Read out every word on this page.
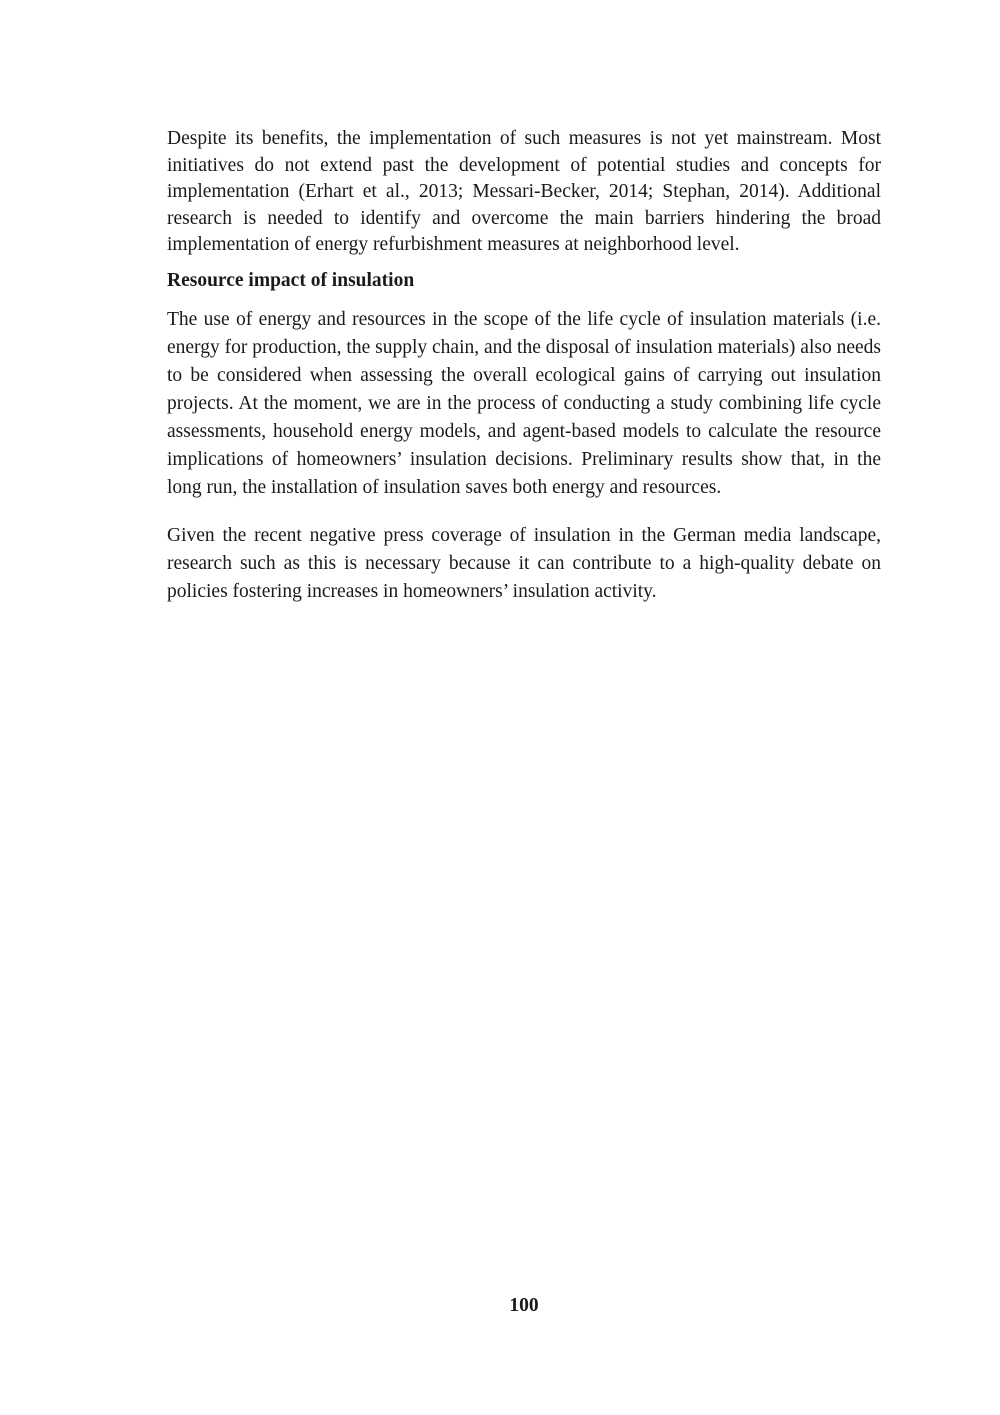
Despite its benefits, the implementation of such measures is not yet mainstream. Most initiatives do not extend past the development of potential studies and concepts for implementation (Erhart et al., 2013; Messari-Becker, 2014; Stephan, 2014). Additional research is needed to identify and overcome the main barriers hindering the broad implementation of energy refurbishment measures at neighborhood level.

Resource impact of insulation

The use of energy and resources in the scope of the life cycle of insulation materials (i.e. energy for production, the supply chain, and the disposal of insulation materials) also needs to be considered when assessing the overall ecological gains of carrying out insulation projects. At the moment, we are in the process of conducting a study combining life cycle assessments, household energy models, and agent-based models to calculate the resource implications of homeowners’ insulation decisions. Preliminary results show that, in the long run, the installation of insulation saves both energy and resources.

Given the recent negative press coverage of insulation in the German media landscape, research such as this is necessary because it can contribute to a high-quality debate on policies fostering increases in homeowners’ insulation activity.

100
